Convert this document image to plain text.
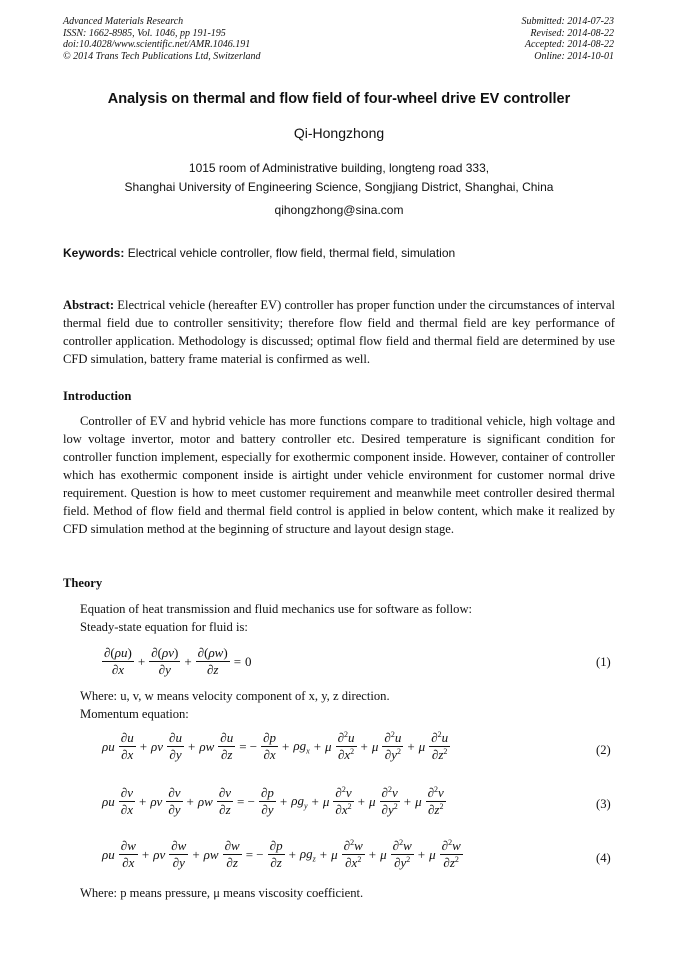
Advanced Materials Research
ISSN: 1662-8985, Vol. 1046, pp 191-195
doi:10.4028/www.scientific.net/AMR.1046.191
© 2014 Trans Tech Publications Ltd, Switzerland
Submitted: 2014-07-23
Revised: 2014-08-22
Accepted: 2014-08-22
Online: 2014-10-01
Analysis on thermal and flow field of four-wheel drive EV controller
Qi-Hongzhong
1015 room of Administrative building, longteng road 333,
Shanghai University of Engineering Science, Songjiang District, Shanghai, China
qihongzhong@sina.com
Keywords: Electrical vehicle controller, flow field, thermal field, simulation
Abstract: Electrical vehicle (hereafter EV) controller has proper function under the circumstances of interval thermal field due to controller sensitivity; therefore flow field and thermal field are key performance of controller application. Methodology is discussed; optimal flow field and thermal field are determined by use CFD simulation, battery frame material is confirmed as well.
Introduction
Controller of EV and hybrid vehicle has more functions compare to traditional vehicle, high voltage and low voltage invertor, motor and battery controller etc. Desired temperature is significant condition for controller function implement, especially for exothermic component inside. However, container of controller which has exothermic component inside is airtight under vehicle environment for customer normal drive requirement. Question is how to meet customer requirement and meanwhile meet controller desired thermal field. Method of flow field and thermal field control is applied in below content, which make it realized by CFD simulation method at the beginning of structure and layout design stage.
Theory
Equation of heat transmission and fluid mechanics use for software as follow:
Steady-state equation for fluid is:
$\frac{\partial(\rho u)}{\partial x} + \frac{\partial(\rho v)}{\partial y} + \frac{\partial(\rho w)}{\partial z} = 0$	(1)
Where: u, v, w means velocity component of x, y, z direction.
Momentum equation:
ρu $\frac{\partial u}{\partial x} + \rho v \frac{\partial u}{\partial y} + \rho w \frac{\partial u}{\partial z}$ = − $\frac{\partial p}{\partial x} + \rho g_x + \mu \frac{\partial^2u}{\partial x^2} + \mu \frac{\partial^2u}{\partial y^2} + \mu \frac{\partial^2u}{\partial z^2}$	(2)
ρu $\frac{\partial v}{\partial x} + \rho v \frac{\partial v}{\partial y} + \rho w \frac{\partial v}{\partial z}$ = − $\frac{\partial p}{\partial y} + \rho g_y + \mu \frac{\partial^2v}{\partial x^2} + \mu \frac{\partial^2v}{\partial y^2} + \mu \frac{\partial^2v}{\partial z^2}$	(3)
ρu $\frac{\partial w}{\partial x} + \rho v \frac{\partial w}{\partial y} + \rho w \frac{\partial w}{\partial z}$ = − $\frac{\partial p}{\partial z} + \rho g_z + \mu \frac{\partial^2w}{\partial x^2} + \mu \frac{\partial^2w}{\partial y^2} + \mu \frac{\partial^2w}{\partial z^2}$	(4)
Where: p means pressure, μ means viscosity coefficient.
